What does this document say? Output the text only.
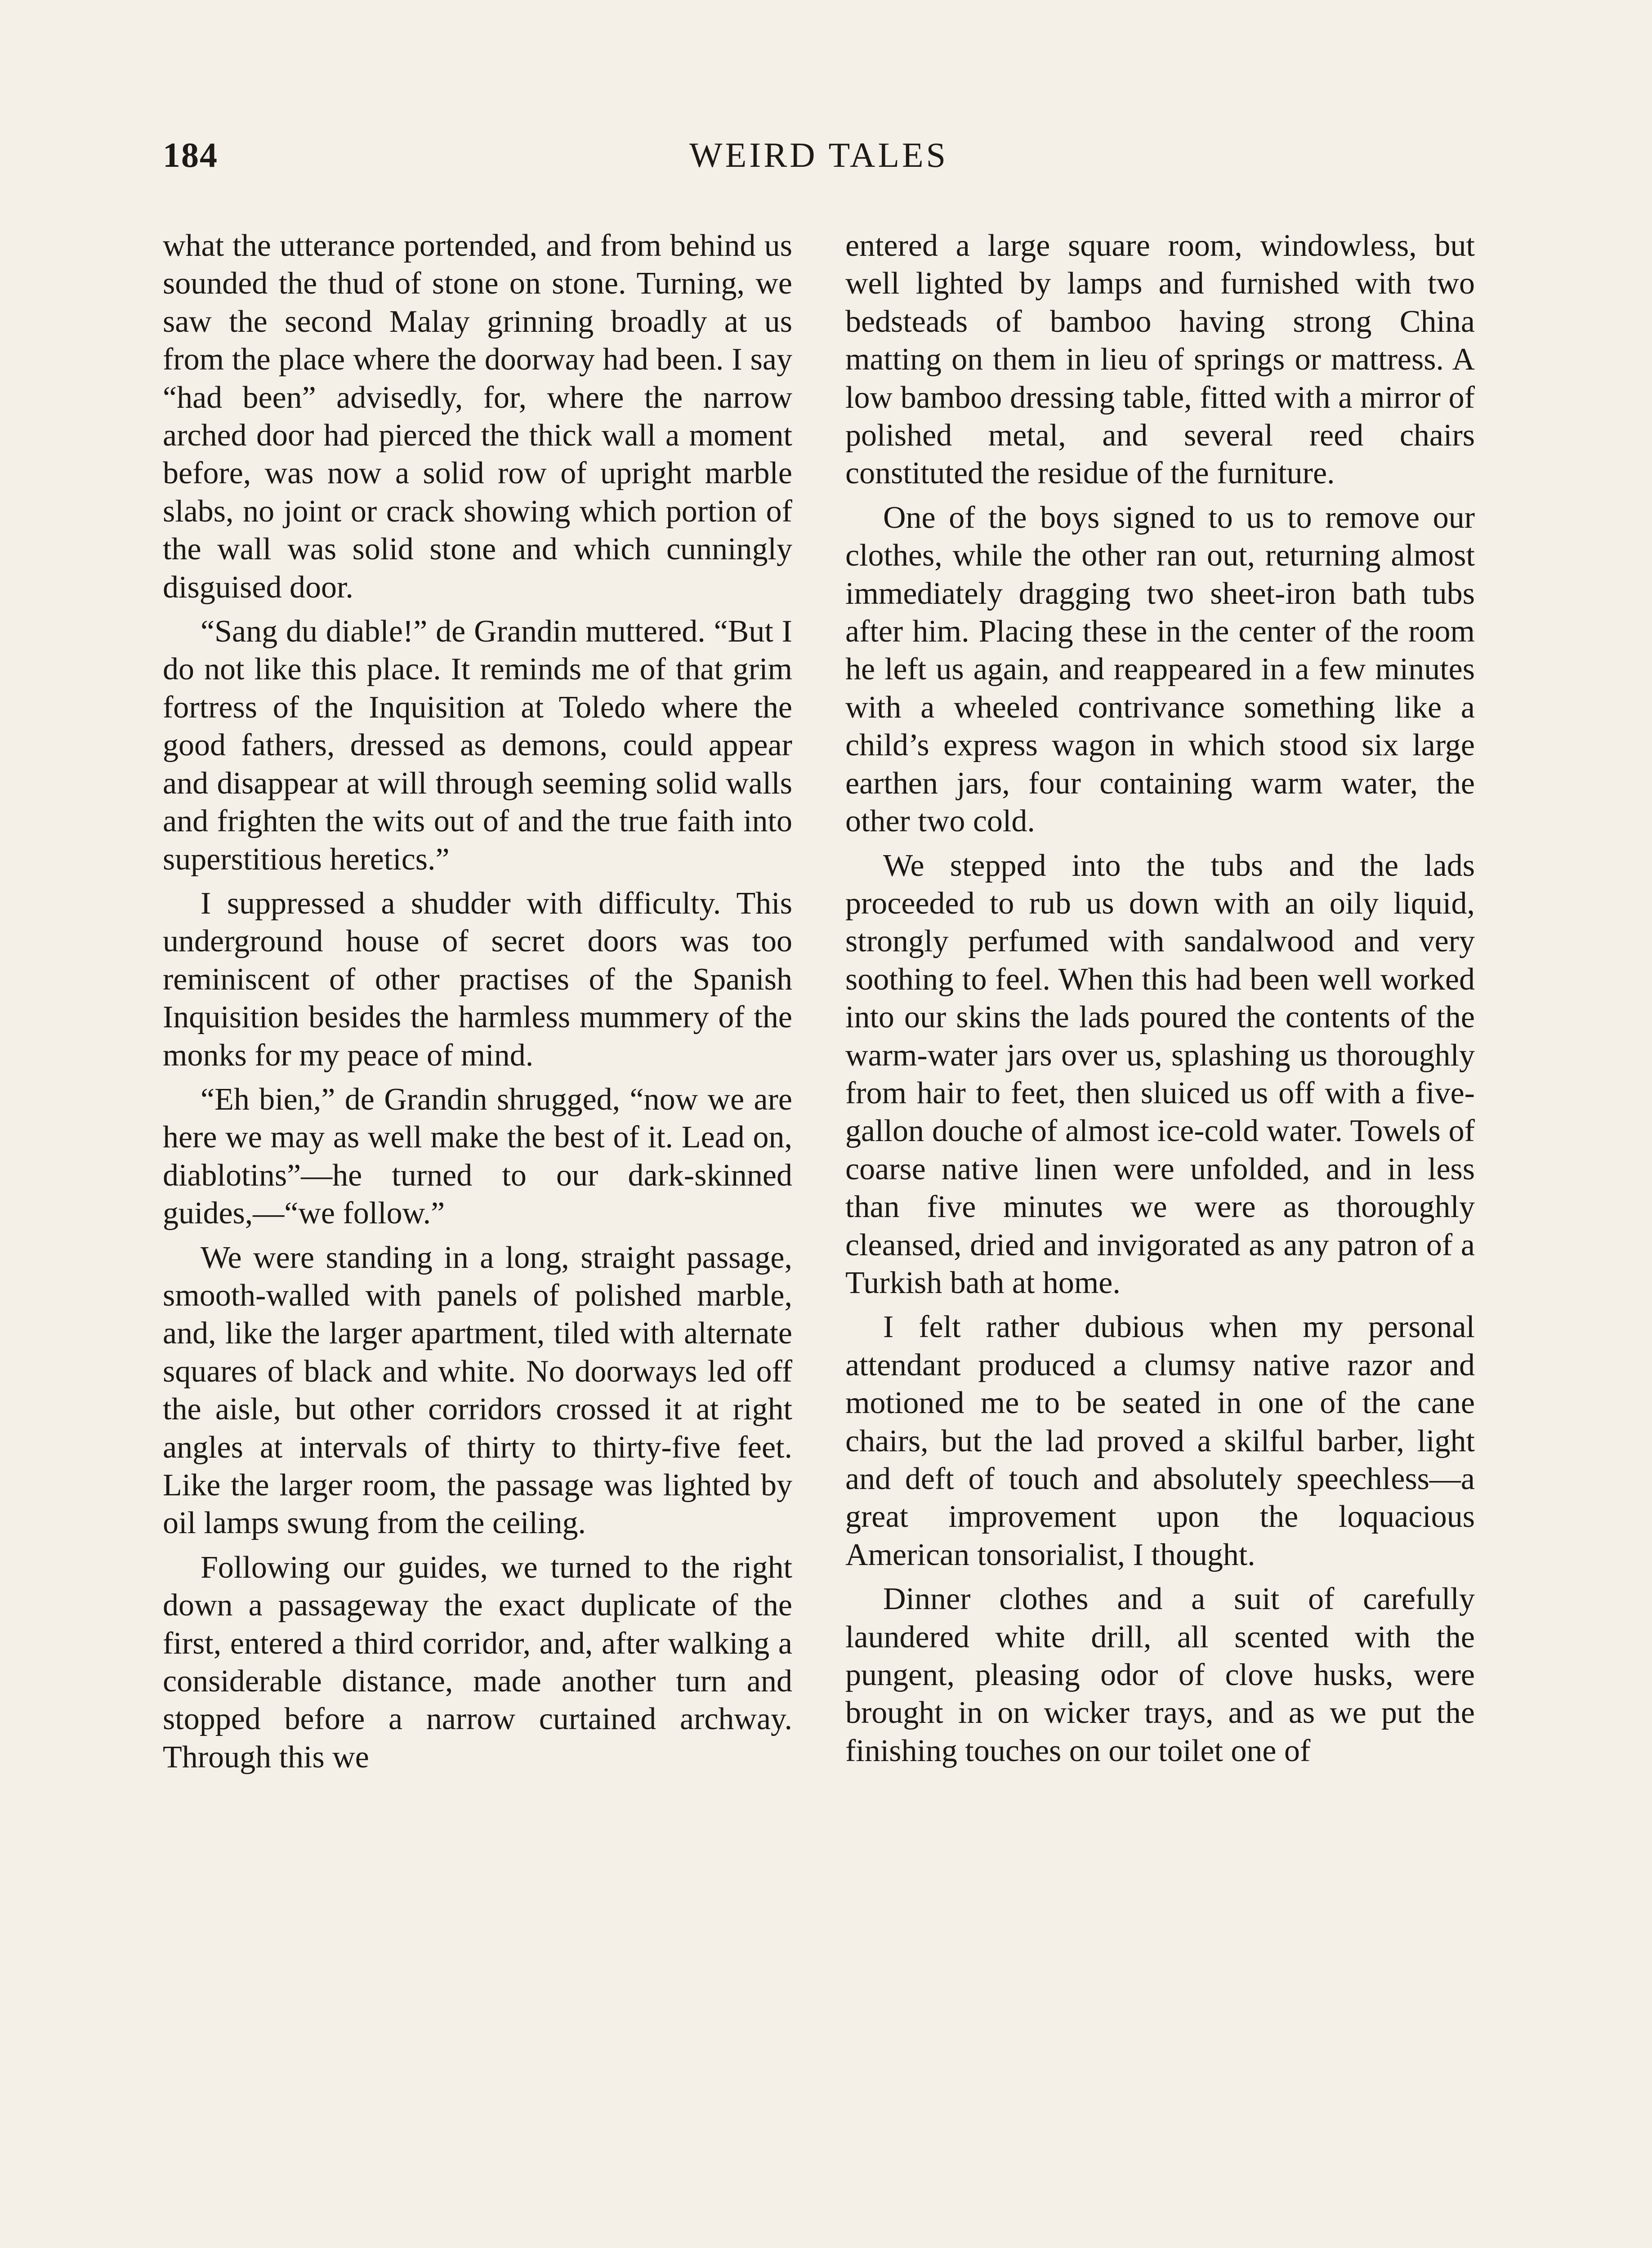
184	WEIRD TALES

what the utterance portended, and from behind us sounded the thud of stone on stone. Turning, we saw the second Malay grinning broadly at us from the place where the doorway had been. I say “had been” advisedly, for, where the narrow arched door had pierced the thick wall a moment before, was now a solid row of upright marble slabs, no joint or crack showing which portion of the wall was solid stone and which cunningly disguised door.

“Sang du diable!” de Grandin muttered. “But I do not like this place. It reminds me of that grim fortress of the Inquisition at Toledo where the good fathers, dressed as demons, could appear and disappear at will through seeming solid walls and frighten the wits out of and the true faith into superstitious heretics.”

I suppressed a shudder with difficulty. This underground house of secret doors was too reminiscent of other practises of the Spanish Inquisition besides the harmless mummery of the monks for my peace of mind.

“Eh bien,” de Grandin shrugged, “now we are here we may as well make the best of it. Lead on, diablotins”—he turned to our dark-skinned guides,—“we follow.”

We were standing in a long, straight passage, smooth-walled with panels of polished marble, and, like the larger apartment, tiled with alternate squares of black and white. No doorways led off the aisle, but other corridors crossed it at right angles at intervals of thirty to thirty-five feet. Like the larger room, the passage was lighted by oil lamps swung from the ceiling.

Following our guides, we turned to the right down a passageway the exact duplicate of the first, entered a third corridor, and, after walking a considerable distance, made another turn and stopped before a narrow curtained archway. Through this we

entered a large square room, windowless, but well lighted by lamps and furnished with two bedsteads of bamboo having strong China matting on them in lieu of springs or mattress. A low bamboo dressing table, fitted with a mirror of polished metal, and several reed chairs constituted the residue of the furniture.

One of the boys signed to us to remove our clothes, while the other ran out, returning almost immediately dragging two sheet-iron bath tubs after him. Placing these in the center of the room he left us again, and reappeared in a few minutes with a wheeled contrivance something like a child’s express wagon in which stood six large earthen jars, four containing warm water, the other two cold.

We stepped into the tubs and the lads proceeded to rub us down with an oily liquid, strongly perfumed with sandalwood and very soothing to feel. When this had been well worked into our skins the lads poured the contents of the warm-water jars over us, splashing us thoroughly from hair to feet, then sluiced us off with a five-gallon douche of almost ice-cold water. Towels of coarse native linen were unfolded, and in less than five minutes we were as thoroughly cleansed, dried and invigorated as any patron of a Turkish bath at home.

I felt rather dubious when my personal attendant produced a clumsy native razor and motioned me to be seated in one of the cane chairs, but the lad proved a skilful barber, light and deft of touch and absolutely speechless—a great improvement upon the loquacious American tonsorialist, I thought.

Dinner clothes and a suit of carefully laundered white drill, all scented with the pungent, pleasing odor of clove husks, were brought in on wicker trays, and as we put the finishing touches on our toilet one of
